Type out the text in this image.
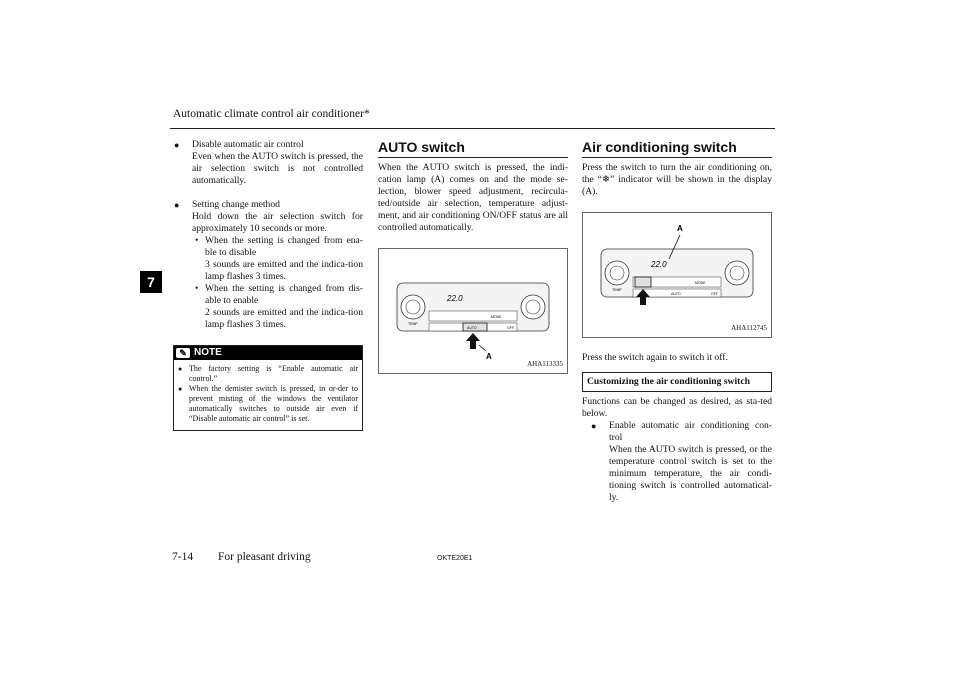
Automatic climate control air conditioner*
7
● Disable automatic air control
Even when the AUTO switch is pressed, the air selection switch is not controlled automatically.
● Setting change method
Hold down the air selection switch for approximately 10 seconds or more.
• When the setting is changed from ena-ble to disable
3 sounds are emitted and the indica-tion lamp flashes 3 times.
• When the setting is changed from dis-able to enable
2 sounds are emitted and the indica-tion lamp flashes 3 times.
✎ NOTE
● The factory setting is “Enable automatic air control.”
● When the demister switch is pressed, in or-der to prevent misting of the windows the ventilator automatically switches to outside air even if “Disable automatic air control” is set.
AUTO switch
When the AUTO switch is pressed, the indi-cation lamp (A) comes on and the mode se-lection, blower speed adjustment, recircula-ted/outside air selection, temperature adjust-ment, and air conditioning ON/OFF status are all controlled automatically.
TEMP
22.0
MODE
AUTO	OFF
A
AHA113335
Air conditioning switch
Press the switch to turn the air conditioning on, the “❄” indicator will be shown in the display (A).
TEMP
22.0
MODE
AUTO	OFF
A
AHA112745
Press the switch again to switch it off.
Customizing the air conditioning switch
Functions can be changed as desired, as sta-ted below.
● Enable automatic air conditioning con-trol
When the AUTO switch is pressed, or the temperature control switch is set to the minimum temperature, the air condi-tioning switch is controlled automatical-ly.
7-14 For pleasant driving	OKTE20E1
